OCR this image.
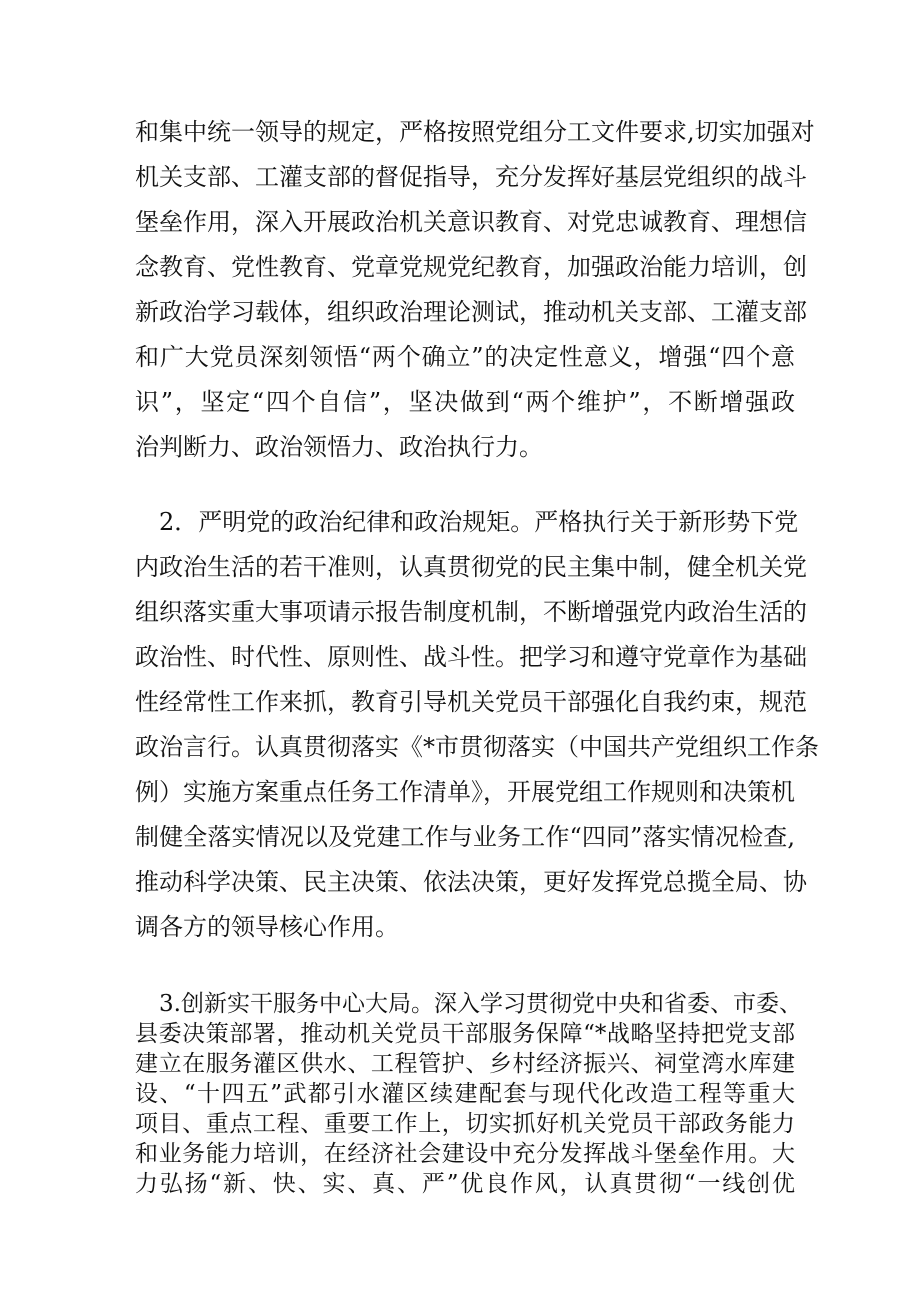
和集中统一领导的规定，严格按照党组分工文件要求,切实加强对
机关支部、工灌支部的督促指导，充分发挥好基层党组织的战斗
堡垒作用，深入开展政治机关意识教育、对党忠诚教育、理想信
念教育、党性教育、党章党规党纪教育，加强政治能力培训，创
新政治学习载体，组织政治理论测试，推动机关支部、工灌支部
和广大党员深刻领悟“两个确立”的决定性意义，增强“四个意
识”，坚定“四个自信”，坚决做到“两个维护”，不断增强政
治判断力、政治领悟力、政治执行力。
2．严明党的政治纪律和政治规矩。严格执行关于新形势下党
内政治生活的若干准则，认真贯彻党的民主集中制，健全机关党
组织落实重大事项请示报告制度机制，不断增强党内政治生活的
政治性、时代性、原则性、战斗性。把学习和遵守党章作为基础
性经常性工作来抓，教育引导机关党员干部强化自我约束，规范
政治言行。认真贯彻落实《*市贯彻落实（中国共产党组织工作条
例）实施方案重点任务工作清单》，开展党组工作规则和决策机
制健全落实情况以及党建工作与业务工作“四同”落实情况检查,
推动科学决策、民主决策、依法决策，更好发挥党总揽全局、协
调各方的领导核心作用。
3.创新实干服务中心大局。深入学习贯彻党中央和省委、市委、
县委决策部署，推动机关党员干部服务保障“*战略坚持把党支部
建立在服务灌区供水、工程管护、乡村经济振兴、祠堂湾水库建
设、“十四五”武都引水灌区续建配套与现代化改造工程等重大
项目、重点工程、重要工作上，切实抓好机关党员干部政务能力
和业务能力培训，在经济社会建设中充分发挥战斗堡垒作用。大
力弘扬“新、快、实、真、严”优良作风，认真贯彻“一线创优
